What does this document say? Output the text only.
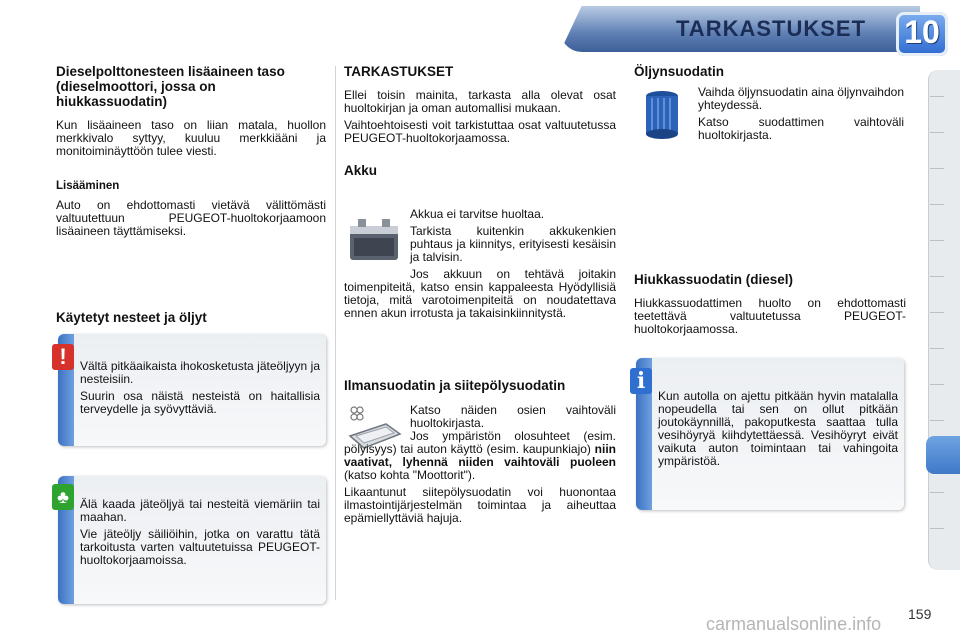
TARKASTUKSET 10
Dieselpolttonesteen lisäaineen taso (dieselmoottori, jossa on hiukkassuodatin)

Kun lisäaineen taso on liian matala, huollon merkkivalo syttyy, kuuluu merkkiääni ja monitoiminäyttöön tulee viesti.

Lisääminen

Auto on ehdottomasti vietävä välittömästi valtuutettuun PEUGEOT-huoltokorjaamoon lisäaineen täyttämiseksi.

Käytetyt nesteet ja öljyt

Vältä pitkäaikaista ihokosketusta jäteöljyyn ja nesteisiin.

Suurin osa näistä nesteistä on haitallisia terveydelle ja syövyttäviä.

!

Älä kaada jäteöljyä tai nesteitä viemäriin tai maahan.

Vie jäteöljy säiliöihin, jotka on varattu tätä tarkoitusta varten valtuutetuissa PEUGEOT-huoltokorjaamoissa.

♣
TARKASTUKSET

Ellei toisin mainita, tarkasta alla olevat osat huoltokirjan ja oman automallisi mukaan.

Vaihtoehtoisesti voit tarkistuttaa osat valtuutetussa PEUGEOT-huoltokorjaamossa.

Akku

Akkua ei tarvitse huoltaa.

Tarkista kuitenkin akkukenkien puhtaus ja kiinnitys, erityisesti kesäisin ja talvisin.

Jos akkuun on tehtävä joitakin toimenpiteitä, katso ensin kappaleesta Hyödyllisiä tietoja, mitä varotoimenpiteitä on noudatettava ennen akun irrotusta ja takaisinkiinnitystä.

Ilmansuodatin ja siitepölysuodatin

Katso näiden osien vaihtoväli huoltokirjasta.

Jos ympäristön olosuhteet (esim. pölyisyys) tai auton käyttö (esim. kaupunkiajo) niin vaativat, lyhennä niiden vaihtoväli puoleen (katso kohta "Moottorit").

Likaantunut siitepölysuodatin voi huonontaa ilmastointijärjestelmän toimintaa ja aiheuttaa epämiellyttäviä hajuja.

Öljynsuodatin

Vaihda öljynsuodatin aina öljynvaihdon yhteydessä.

Katso suodattimen vaihtoväli huoltokirjasta.

Hiukkassuodatin (diesel)

Hiukkassuodattimen huolto on ehdottomasti teetettävä valtuutetussa PEUGEOT-huoltokorjaamossa.

Kun autolla on ajettu pitkään hyvin matalalla nopeudella tai sen on ollut pitkään joutokäynnillä, pakoputkesta saattaa tulla vesihöyryä kiihdytettäessä. Vesihöyryt eivät vaikuta auton toimintaan tai vahingoita ympäristöä.

i
159
carmanualsonline.info
